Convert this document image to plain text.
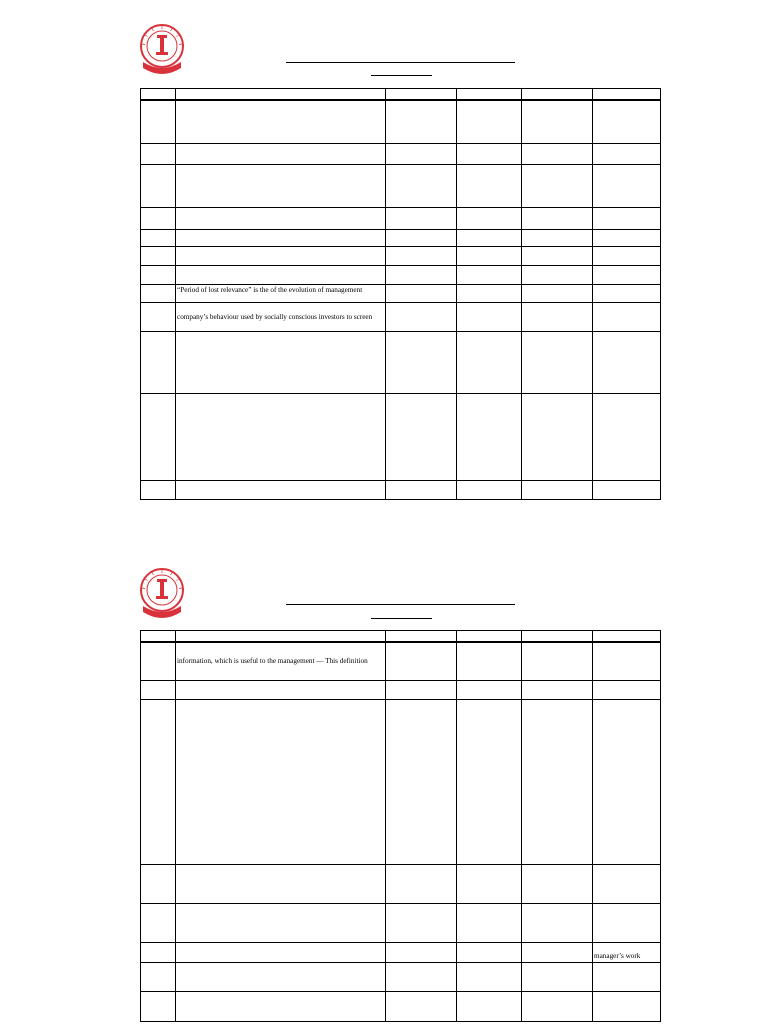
	“Period of lost relevance” is the of the evolution of management				
	company’s behaviour used by socially conscious investors to screen				

	information, which is useful to the management — This definition				

					manager’s work
